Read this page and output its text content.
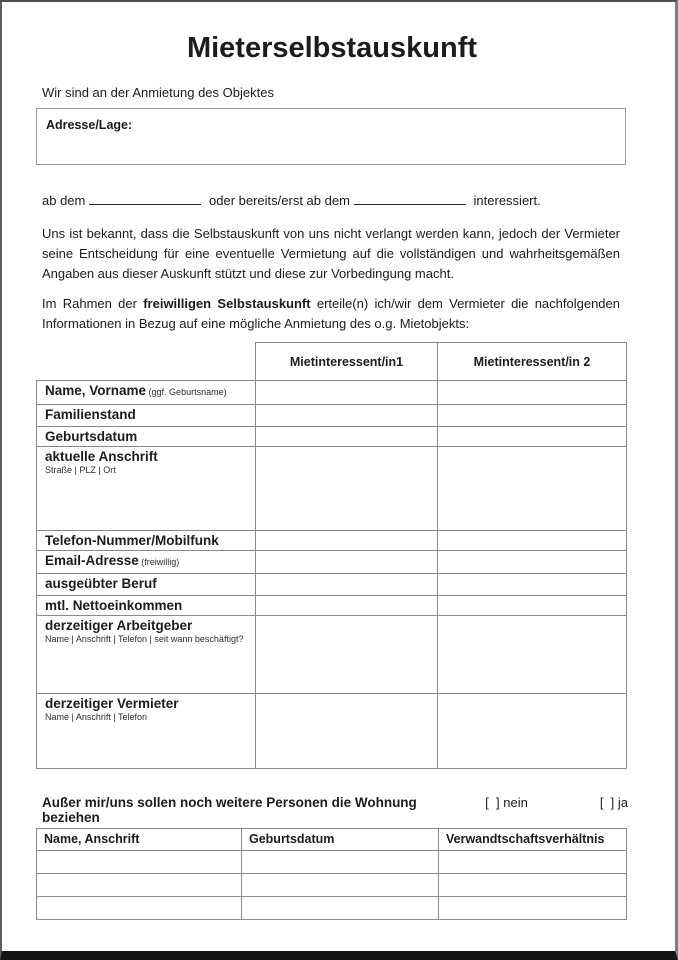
Mieterselbstauskunft
Wir sind an der Anmietung des Objektes
Adresse/Lage:
ab dem	oder bereits/erst ab dem	interessiert.
Uns ist bekannt, dass die Selbstauskunft von uns nicht verlangt werden kann, jedoch der Vermieter seine Entscheidung für eine eventuelle Vermietung auf die vollständigen und wahrheitsgemäßen Angaben aus dieser Auskunft stützt und diese zur Vorbedingung macht.
Im Rahmen der freiwilligen Selbstauskunft erteile(n) ich/wir dem Vermieter die nachfolgenden Informationen in Bezug auf eine mögliche Anmietung des o.g. Mietobjekts:
	Mietinteressent/in1	Mietinteressent/in 2
Name, Vorname (ggf. Geburtsname)		
Familienstand		
Geburtsdatum		
aktuelle Anschrift
Straße | PLZ | Ort		

Telefon-Nummer/Mobilfunk		
Email-Adresse (freiwillig)		
ausgeübter Beruf		
mtl. Nettoeinkommen		
derzeitiger Arbeitgeber
Name | Anschrift | Telefon | seit wann beschäftigt?		

derzeitiger Vermieter
Name | Anschrift | Telefon		

Außer mir/uns sollen noch weitere Personen die Wohnung beziehen
[  ] nein	[  ] ja
Name, Anschrift	Geburtsdatum	Verwandtschaftsverhältnis
